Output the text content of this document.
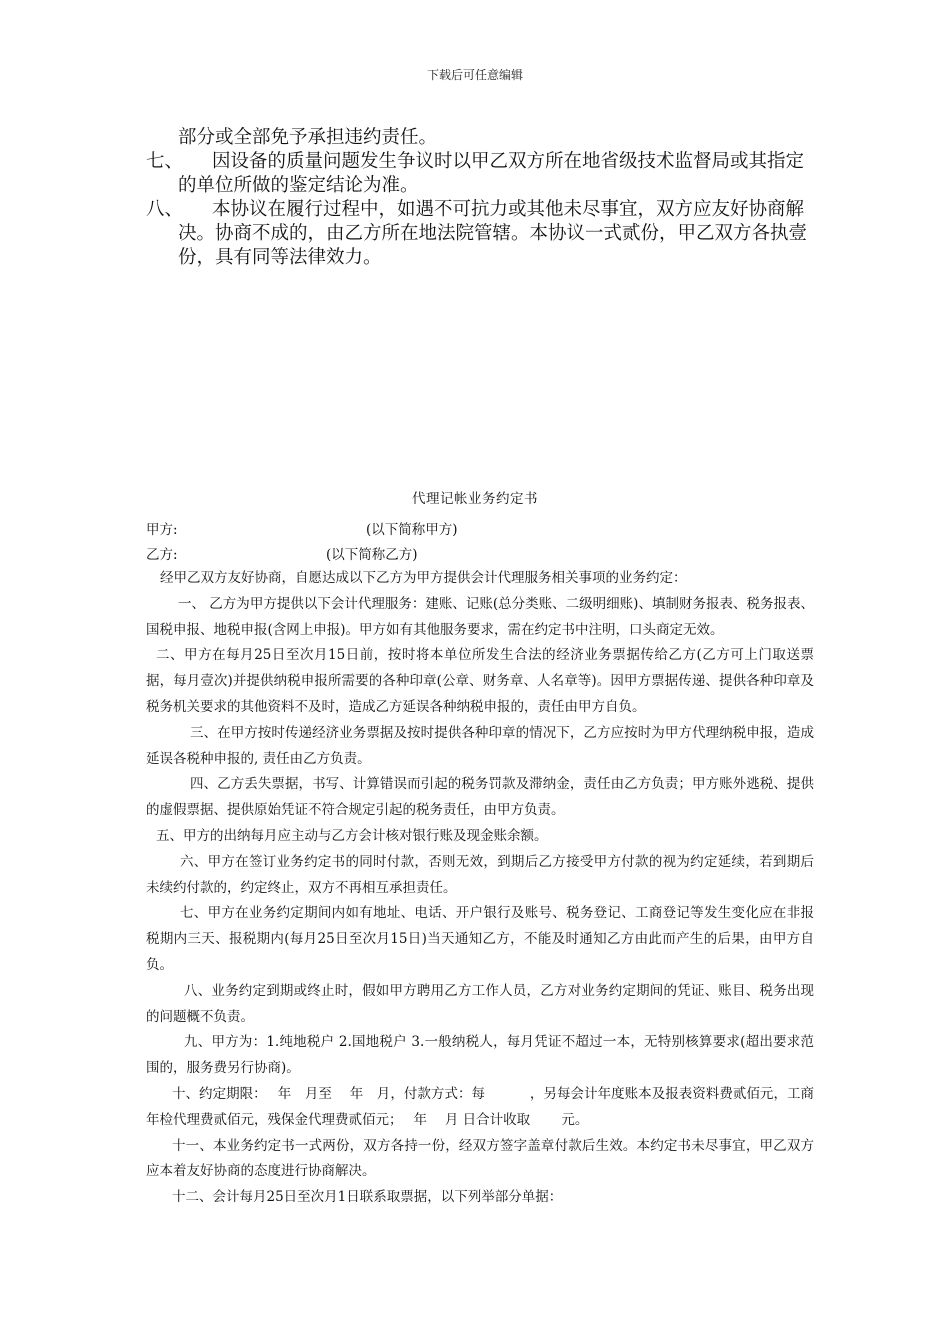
下载后可任意编辑
部分或全部免予承担违约责任。
七、	因设备的质量问题发生争议时以甲乙双方所在地省级技术监督局或其指定的单位所做的鉴定结论为准。
八、	本协议在履行过程中，如遇不可抗力或其他未尽事宜，双方应友好协商解决。协商不成的，由乙方所在地法院管辖。本协议一式贰份，甲乙双方各执壹份，具有同等法律效力。
代理记帐业务约定书
甲方:	(以下简称甲方)
乙方:	(以下简称乙方)

经甲乙双方友好协商，自愿达成以下乙方为甲方提供会计代理服务相关事项的业务约定：

一、 乙方为甲方提供以下会计代理服务：建账、记账(总分类账、二级明细账)、填制财务报表、税务报表、国税申报、地税申报(含网上申报)。甲方如有其他服务要求，需在约定书中注明，口头商定无效。

二、甲方在每月25日至次月15日前，按时将本单位所发生合法的经济业务票据传给乙方(乙方可上门取送票据，每月壹次)并提供纳税申报所需要的各种印章(公章、财务章、人名章等)。因甲方票据传递、提供各种印章及税务机关要求的其他资料不及时，造成乙方延误各种纳税申报的，责任由甲方自负。

三、在甲方按时传递经济业务票据及按时提供各种印章的情况下，乙方应按时为甲方代理纳税申报，造成延误各税种申报的, 责任由乙方负责。

四、乙方丢失票据，书写、计算错误而引起的税务罚款及滞纳金，责任由乙方负责；甲方账外逃税、提供的虚假票据、提供原始凭证不符合规定引起的税务责任，由甲方负责。

五、甲方的出纳每月应主动与乙方会计核对银行账及现金账余额。

六、甲方在签订业务约定书的同时付款，否则无效，到期后乙方接受甲方付款的视为约定延续，若到期后未续约付款的，约定终止，双方不再相互承担责任。

七、甲方在业务约定期间内如有地址、电话、开户银行及账号、税务登记、工商登记等发生变化应在非报税期内三天、报税期内(每月25日至次月15日)当天通知乙方，不能及时通知乙方由此而产生的后果，由甲方自负。

八、业务约定到期或终止时，假如甲方聘用乙方工作人员，乙方对业务约定期间的凭证、账目、税务出现的问题概不负责。

九、甲方为：1.纯地税户 2.国地税户 3.一般纳税人，每月凭证不超过一本，无特别核算要求(超出要求范围的，服务费另行协商)。

十、约定期限：　 年　月至　 年　月，付款方式：每　　　 ，另每会计年度账本及报表资料费贰佰元，工商年检代理费贰佰元，残保金代理费贰佰元；　 年　 月 日合计收取　　 元。

十一、本业务约定书一式两份，双方各持一份，经双方签字盖章付款后生效。本约定书未尽事宜，甲乙双方应本着友好协商的态度进行协商解决。

十二、会计每月25日至次月1日联系取票据，以下列举部分单据：
